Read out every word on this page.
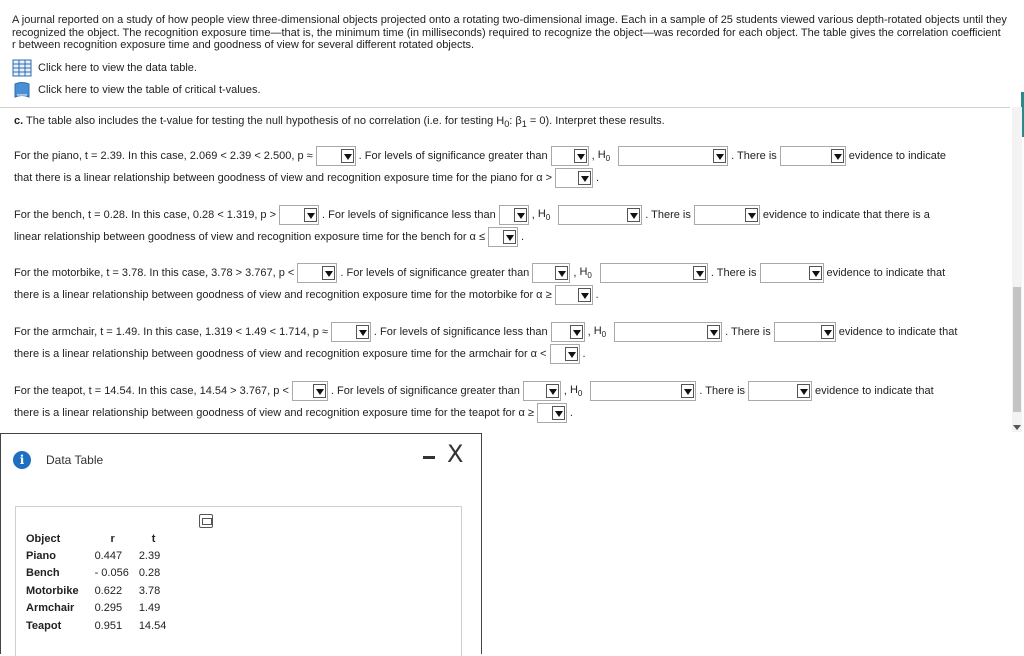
A journal reported on a study of how people view three-dimensional objects projected onto a rotating two-dimensional image. Each in a sample of 25 students viewed various depth-rotated objects until they recognized the object. The recognition exposure time—that is, the minimum time (in milliseconds) required to recognize the object—was recorded for each object. The table gives the correlation coefficient r between recognition exposure time and goodness of view for several different rotated objects.
Click here to view the data table.
Click here to view the table of critical t-values.
c. The table also includes the t-value for testing the null hypothesis of no correlation (i.e. for testing $H_0$: $\beta_1 = 0$). Interpret these results.
For the piano, t = 2.39. In this case, 2.069 < 2.39 < 2.500, p ≈	. For levels of significance greater than	, $H_0$	. There is	evidence to indicate
that there is a linear relationship between goodness of view and recognition exposure time for the piano for α >	.
For the bench, t = 0.28. In this case, 0.28 < 1.319, p >	. For levels of significance less than	, $H_0$	. There is	evidence to indicate that there is a
linear relationship between goodness of view and recognition exposure time for the bench for α ≤	.
For the motorbike, t = 3.78. In this case, 3.78 > 3.767, p <	. For levels of significance greater than	, $H_0$	. There is	evidence to indicate that
there is a linear relationship between goodness of view and recognition exposure time for the motorbike for α ≥	.
For the armchair, t = 1.49. In this case, 1.319 < 1.49 < 1.714, p ≈	. For levels of significance less than	, $H_0$	. There is	evidence to indicate that
there is a linear relationship between goodness of view and recognition exposure time for the armchair for α <	.
For the teapot, t = 14.54. In this case, 14.54 > 3.767, p <	. For levels of significance greater than	, $H_0$	. There is	evidence to indicate that
there is a linear relationship between goodness of view and recognition exposure time for the teapot for α ≥	.
i	Data Table	X
Object	r	t
Piano	0.447	2.39
Bench	- 0.056	0.28
Motorbike	0.622	3.78
Armchair	0.295	1.49
Teapot	0.951	14.54
